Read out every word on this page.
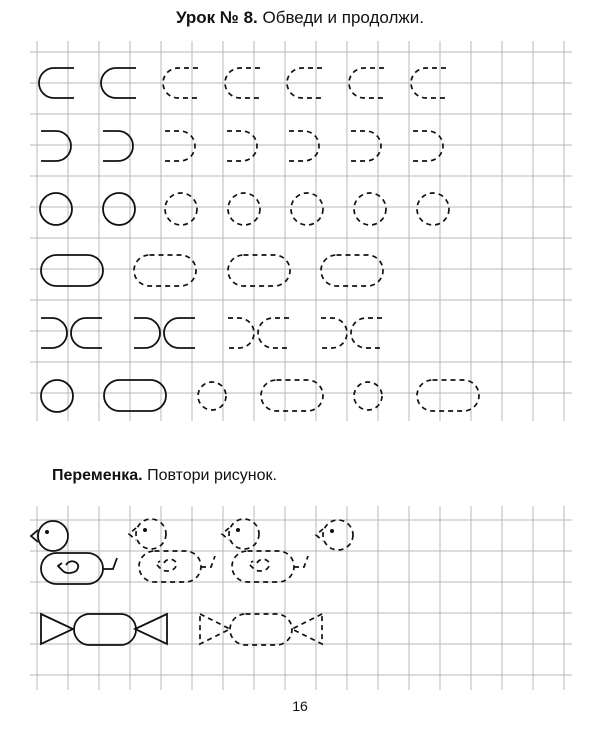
Урок № 8. Обведи и продолжи.
Переменка. Повтори рисунок.
16
